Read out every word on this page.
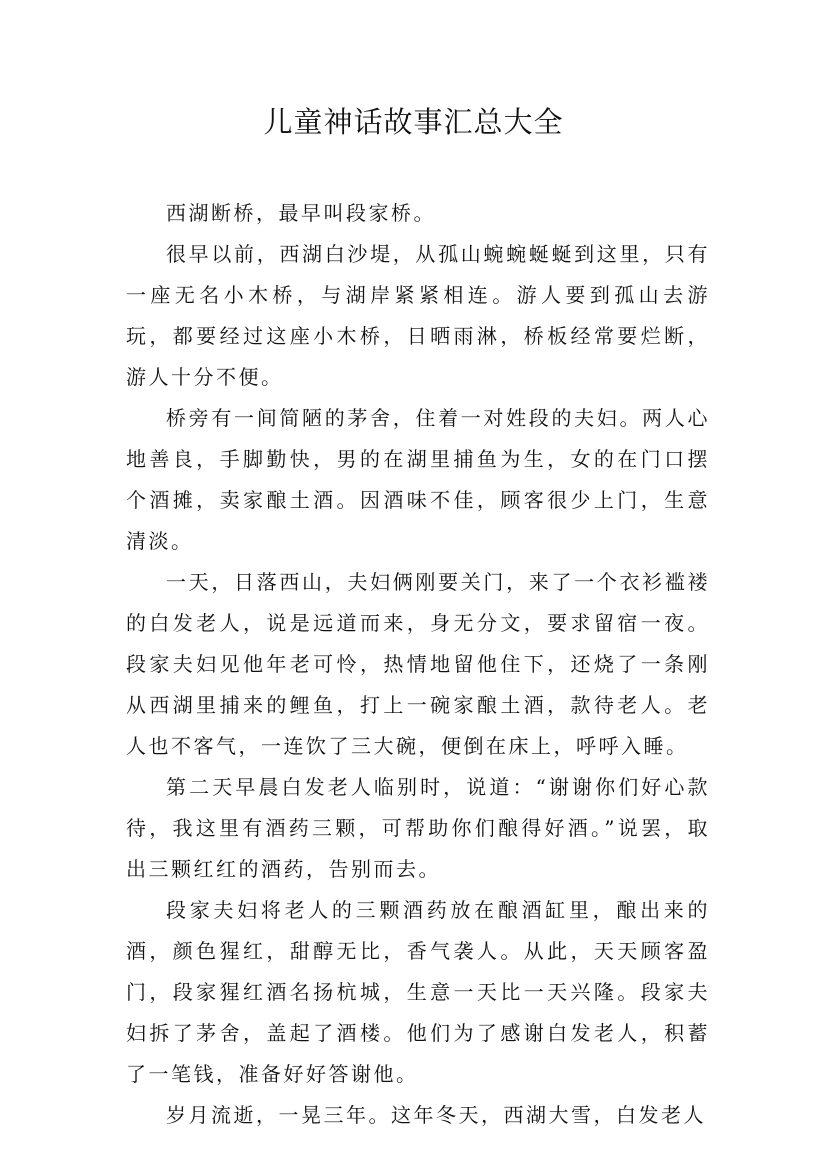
儿童神话故事汇总大全

西湖断桥，最早叫段家桥。

很早以前，西湖白沙堤，从孤山蜿蜿蜒蜒到这里，只有一座无名小木桥，与湖岸紧紧相连。游人要到孤山去游玩，都要经过这座小木桥，日晒雨淋，桥板经常要烂断，游人十分不便。

桥旁有一间简陋的茅舍，住着一对姓段的夫妇。两人心地善良，手脚勤快，男的在湖里捕鱼为生，女的在门口摆个酒摊，卖家酿土酒。因酒味不佳，顾客很少上门，生意清淡。

一天，日落西山，夫妇俩刚要关门，来了一个衣衫褴褛的白发老人，说是远道而来，身无分文，要求留宿一夜。段家夫妇见他年老可怜，热情地留他住下，还烧了一条刚从西湖里捕来的鲤鱼，打上一碗家酿土酒，款待老人。老人也不客气，一连饮了三大碗，便倒在床上，呼呼入睡。

第二天早晨白发老人临别时，说道：“谢谢你们好心款待，我这里有酒药三颗，可帮助你们酿得好酒。”说罢，取出三颗红红的酒药，告别而去。

段家夫妇将老人的三颗酒药放在酿酒缸里，酿出来的酒，颜色猩红，甜醇无比，香气袭人。从此，天天顾客盈门，段家猩红酒名扬杭城，生意一天比一天兴隆。段家夫妇拆了茅舍，盖起了酒楼。他们为了感谢白发老人，积蓄了一笔钱，准备好好答谢他。

岁月流逝，一晃三年。这年冬天，西湖大雪，白发老人
